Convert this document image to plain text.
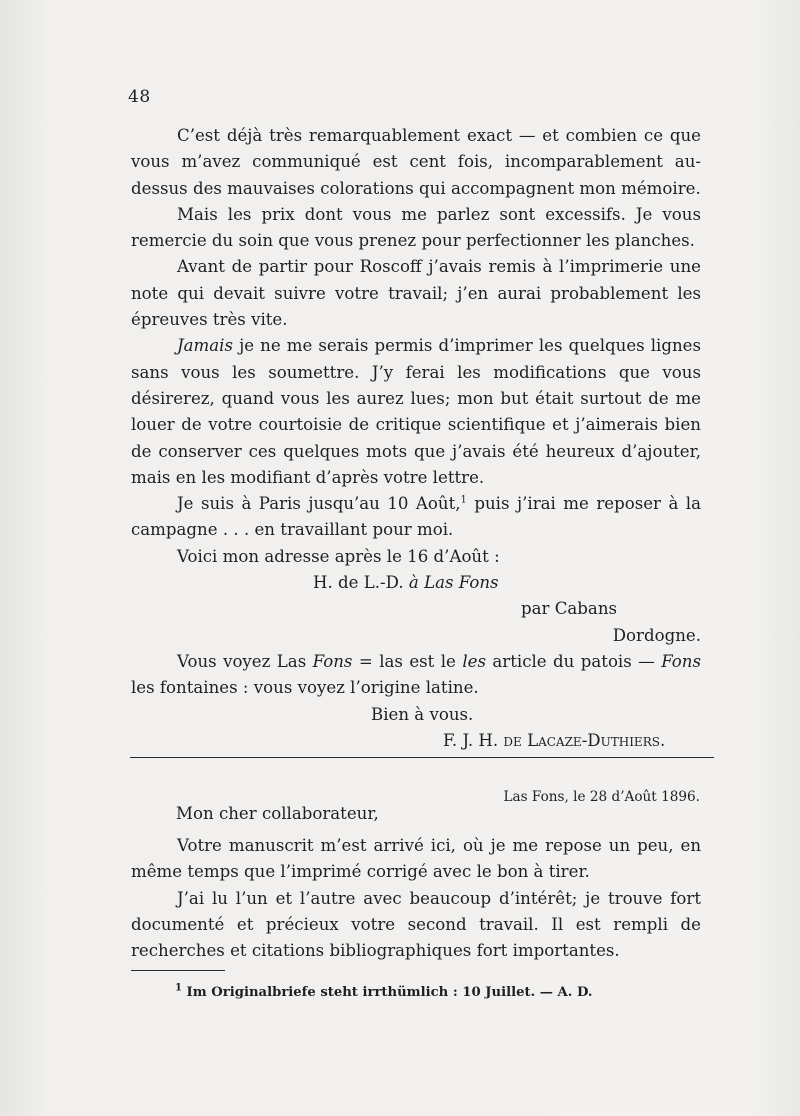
48

C’est déjà très remarquablement exact — et combien ce que vous m’avez communiqué est cent fois, incomparablement au-dessus des mauvaises colorations qui accompagnent mon mémoire.

Mais les prix dont vous me parlez sont excessifs. Je vous remercie du soin que vous prenez pour perfectionner les planches.

Avant de partir pour Roscoff j’avais remis à l’imprimerie une note qui devait suivre votre travail; j’en aurai probablement les épreuves très vite.

Jamais je ne me serais permis d’imprimer les quelques lignes sans vous les soumettre. J’y ferai les modifications que vous désirerez, quand vous les aurez lues; mon but était surtout de me louer de votre courtoisie de critique scientifique et j’aimerais bien de conserver ces quelques mots que j’avais été heureux d’ajouter, mais en les modifiant d’après votre lettre.

Je suis à Paris jusqu’au 10 Août,$^1$ puis j’irai me reposer à la campagne . . . en travaillant pour moi.

Voici mon adresse après le 16 d’Août :

H. de L.-D. à Las Fons
par Cabans
Dordogne.

Vous voyez Las Fons = las est le les article du patois — Fons les fontaines : vous voyez l’origine latine.

Bien à vous.
F. J. H. de Lacaze-Duthiers.
Las Fons, le 28 d’Août 1896.
Mon cher collaborateur,

Votre manuscrit m’est arrivé ici, où je me repose un peu, en même temps que l’imprimé corrigé avec le bon à tirer.

J’ai lu l’un et l’autre avec beaucoup d’intérêt; je trouve fort documenté et précieux votre second travail. Il est rempli de recherches et citations bibliographiques fort importantes.

$^1$ Im Originalbriefe steht irrthümlich : 10 Juillet. — A. D.
